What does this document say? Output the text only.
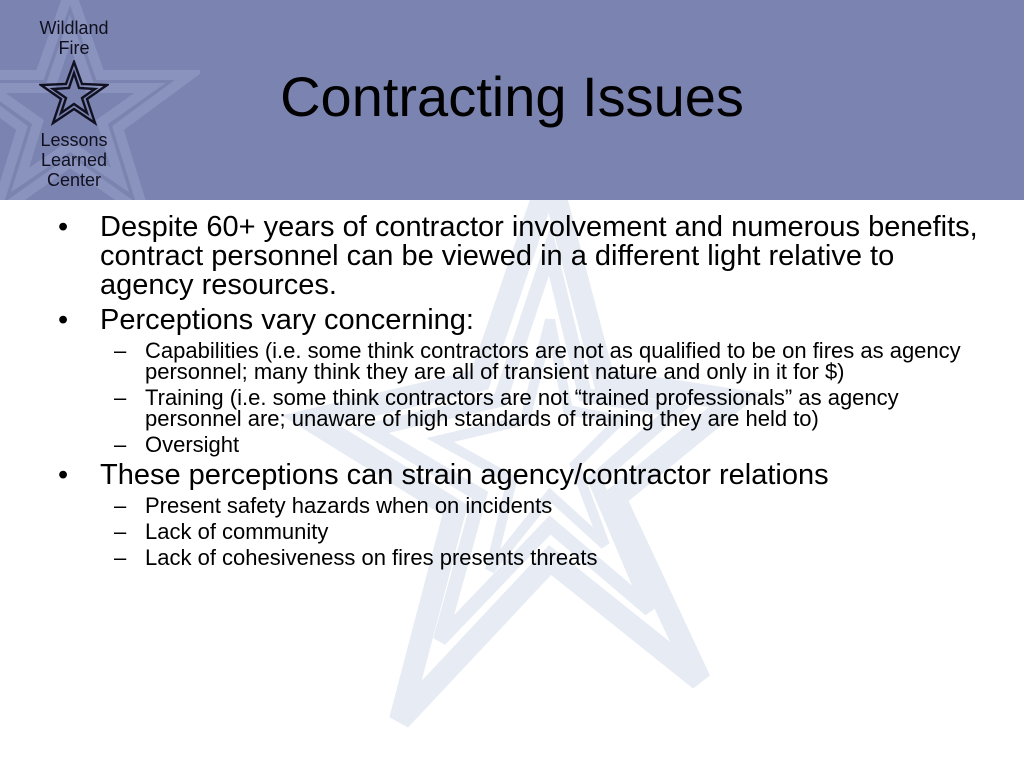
Wildland
Fire
Lessons
Learned
Center
Contracting Issues
• Despite 60+ years of contractor involvement and numerous benefits, contract personnel can be viewed in a different light relative to agency resources.
• Perceptions vary concerning:
– Capabilities (i.e. some think contractors are not as qualified to be on fires as agency personnel; many think they are all of transient nature and only in it for $)
– Training (i.e. some think contractors are not “trained professionals” as agency personnel are; unaware of high standards of training they are held to)
– Oversight
• These perceptions can strain agency/contractor relations
– Present safety hazards when on incidents
– Lack of community
– Lack of cohesiveness on fires presents threats
